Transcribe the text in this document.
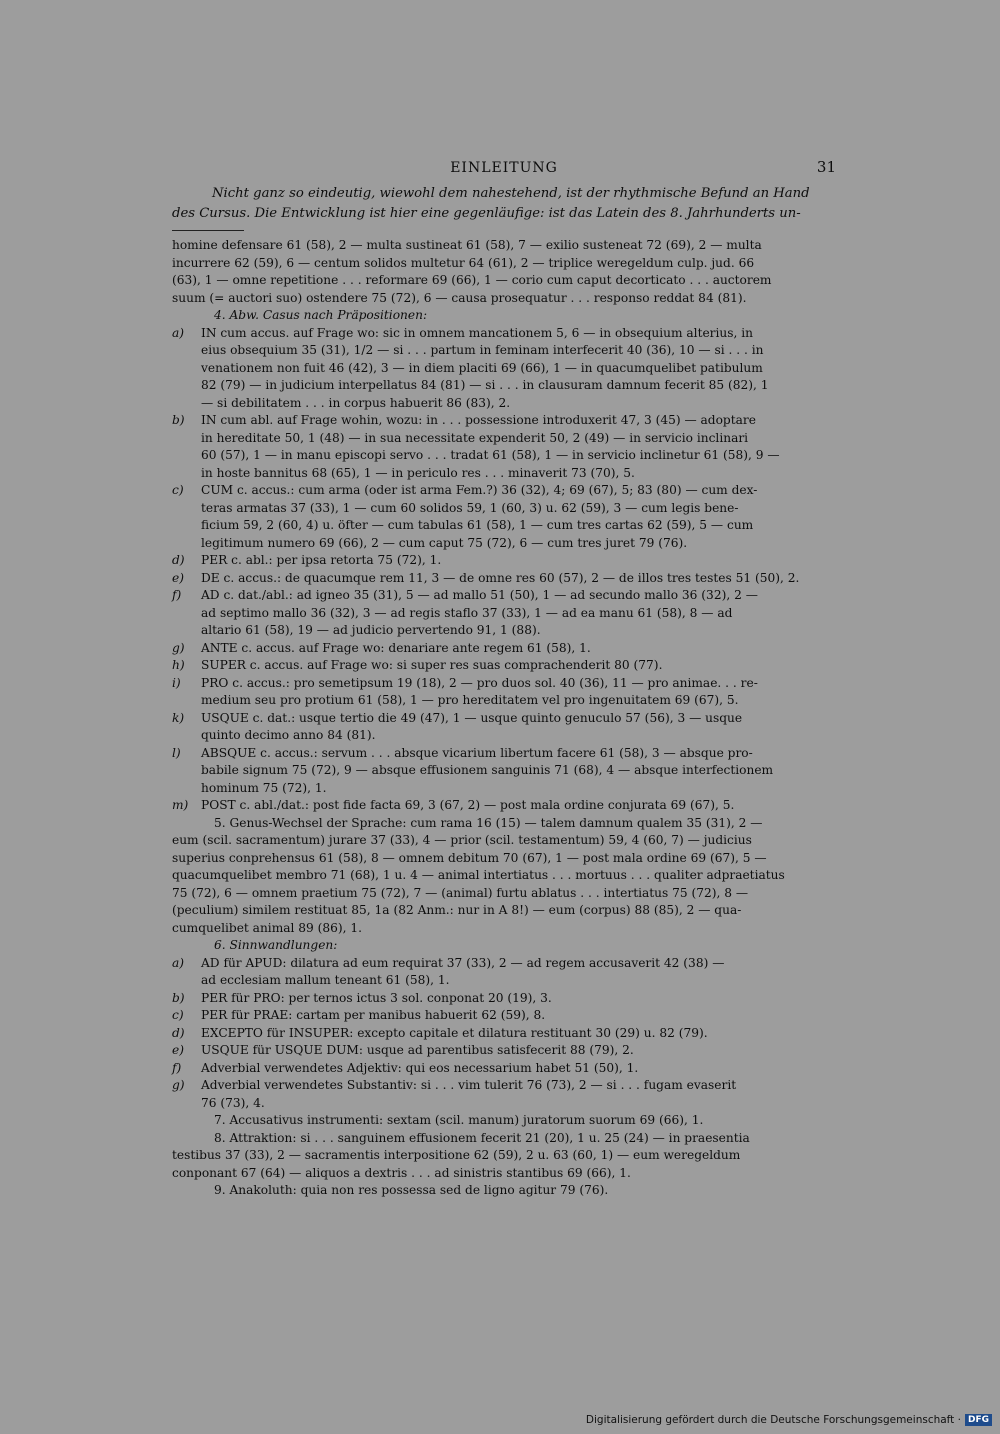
EINLEITUNG	31
Nicht ganz so eindeutig, wiewohl dem nahestehend, ist der rhythmische Befund an Hand
des Cursus. Die Entwicklung ist hier eine gegenläufige: ist das Latein des 8. Jahrhunderts un-
homine defensare 61 (58), 2 — multa sustineat 61 (58), 7 — exilio susteneat 72 (69), 2 — multa
incurrere 62 (59), 6 — centum solidos multetur 64 (61), 2 — triplice weregeldum culp. jud. 66
(63), 1 — omne repetitione . . . reformare 69 (66), 1 — corio cum caput decorticato . . . auctorem
suum (= auctori suo) ostendere 75 (72), 6 — causa prosequatur . . . responso reddat 84 (81).
4. Abw. Casus nach Präpositionen:
a) IN cum accus. auf Frage wo: sic in omnem mancationem 5, 6 — in obsequium alterius, in
eius obsequium 35 (31), 1/2 — si . . . partum in feminam interfecerit 40 (36), 10 — si . . . in
venationem non fuit 46 (42), 3 — in diem placiti 69 (66), 1 — in quacumquelibet patibulum
82 (79) — in judicium interpellatus 84 (81) — si . . . in clausuram damnum fecerit 85 (82), 1
— si debilitatem . . . in corpus habuerit 86 (83), 2.
b) IN cum abl. auf Frage wohin, wozu: in . . . possessione introduxerit 47, 3 (45) — adoptare
in hereditate 50, 1 (48) — in sua necessitate expenderit 50, 2 (49) — in servicio inclinari
60 (57), 1 — in manu episcopi servo . . . tradat 61 (58), 1 — in servicio inclinetur 61 (58), 9 —
in hoste bannitus 68 (65), 1 — in periculo res . . . minaverit 73 (70), 5.
c) CUM c. accus.: cum arma (oder ist arma Fem.?) 36 (32), 4; 69 (67), 5; 83 (80) — cum dex-
teras armatas 37 (33), 1 — cum 60 solidos 59, 1 (60, 3) u. 62 (59), 3 — cum legis bene-
ficium 59, 2 (60, 4) u. öfter — cum tabulas 61 (58), 1 — cum tres cartas 62 (59), 5 — cum
legitimum numero 69 (66), 2 — cum caput 75 (72), 6 — cum tres juret 79 (76).
d) PER c. abl.: per ipsa retorta 75 (72), 1.
e) DE c. accus.: de quacumque rem 11, 3 — de omne res 60 (57), 2 — de illos tres testes 51 (50), 2.
f) AD c. dat./abl.: ad igneo 35 (31), 5 — ad mallo 51 (50), 1 — ad secundo mallo 36 (32), 2 —
ad septimo mallo 36 (32), 3 — ad regis staflo 37 (33), 1 — ad ea manu 61 (58), 8 — ad
altario 61 (58), 19 — ad judicio pervertendo 91, 1 (88).
g) ANTE c. accus. auf Frage wo: denariare ante regem 61 (58), 1.
h) SUPER c. accus. auf Frage wo: si super res suas comprachenderit 80 (77).
i) PRO c. accus.: pro semetipsum 19 (18), 2 — pro duos sol. 40 (36), 11 — pro animae. . . re-
medium seu pro protium 61 (58), 1 — pro hereditatem vel pro ingenuitatem 69 (67), 5.
k) USQUE c. dat.: usque tertio die 49 (47), 1 — usque quinto genuculo 57 (56), 3 — usque
quinto decimo anno 84 (81).
l) ABSQUE c. accus.: servum . . . absque vicarium libertum facere 61 (58), 3 — absque pro-
babile signum 75 (72), 9 — absque effusionem sanguinis 71 (68), 4 — absque interfectionem
hominum 75 (72), 1.
m) POST c. abl./dat.: post fide facta 69, 3 (67, 2) — post mala ordine conjurata 69 (67), 5.
5. Genus-Wechsel der Sprache: cum rama 16 (15) — talem damnum qualem 35 (31), 2 —
eum (scil. sacramentum) jurare 37 (33), 4 — prior (scil. testamentum) 59, 4 (60, 7) — judicius
superius conprehensus 61 (58), 8 — omnem debitum 70 (67), 1 — post mala ordine 69 (67), 5 —
quacumquelibet membro 71 (68), 1 u. 4 — animal intertiatus . . . mortuus . . . qualiter adpraetiatus
75 (72), 6 — omnem praetium 75 (72), 7 — (animal) furtu ablatus . . . intertiatus 75 (72), 8 —
(peculium) similem restituat 85, 1a (82 Anm.: nur in A 8!) — eum (corpus) 88 (85), 2 — qua-
cumquelibet animal 89 (86), 1.
6. Sinnwandlungen:
a) AD für APUD: dilatura ad eum requirat 37 (33), 2 — ad regem accusaverit 42 (38) —
ad ecclesiam mallum teneant 61 (58), 1.
b) PER für PRO: per ternos ictus 3 sol. conponat 20 (19), 3.
c) PER für PRAE: cartam per manibus habuerit 62 (59), 8.
d) EXCEPTO für INSUPER: excepto capitale et dilatura restituant 30 (29) u. 82 (79).
e) USQUE für USQUE DUM: usque ad parentibus satisfecerit 88 (79), 2.
f) Adverbial verwendetes Adjektiv: qui eos necessarium habet 51 (50), 1.
g) Adverbial verwendetes Substantiv: si . . . vim tulerit 76 (73), 2 — si . . . fugam evaserit
76 (73), 4.
7. Accusativus instrumenti: sextam (scil. manum) juratorum suorum 69 (66), 1.
8. Attraktion: si . . . sanguinem effusionem fecerit 21 (20), 1 u. 25 (24) — in praesentia
testibus 37 (33), 2 — sacramentis interpositione 62 (59), 2 u. 63 (60, 1) — eum weregeldum
conponant 67 (64) — aliquos a dextris . . . ad sinistris stantibus 69 (66), 1.
9. Anakoluth: quia non res possessa sed de ligno agitur 79 (76).
Digitalisierung gefördert durch die Deutsche Forschungsgemeinschaft · DFG
